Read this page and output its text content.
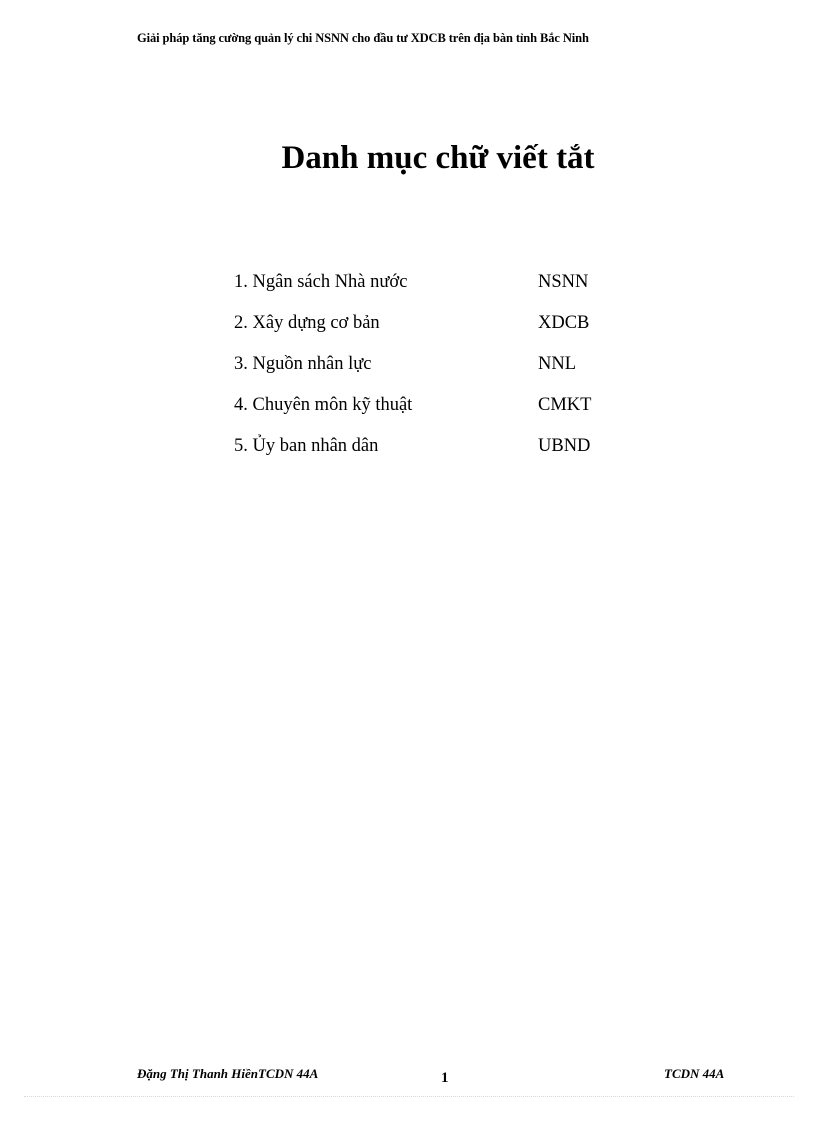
Giải pháp tăng cường quản lý chi NSNN cho đầu tư XDCB trên địa bàn tỉnh Bắc Ninh
Danh mục chữ viết tắt
1. Ngân sách Nhà nước	NSNN
2. Xây dựng cơ bản	XDCB
3. Nguồn nhân lực	NNL
4. Chuyên môn kỹ thuật	CMKT
5. Ủy ban nhân dân	UBND
Đặng Thị Thanh HiềnTCDN 44A	1	TCDN 44A
